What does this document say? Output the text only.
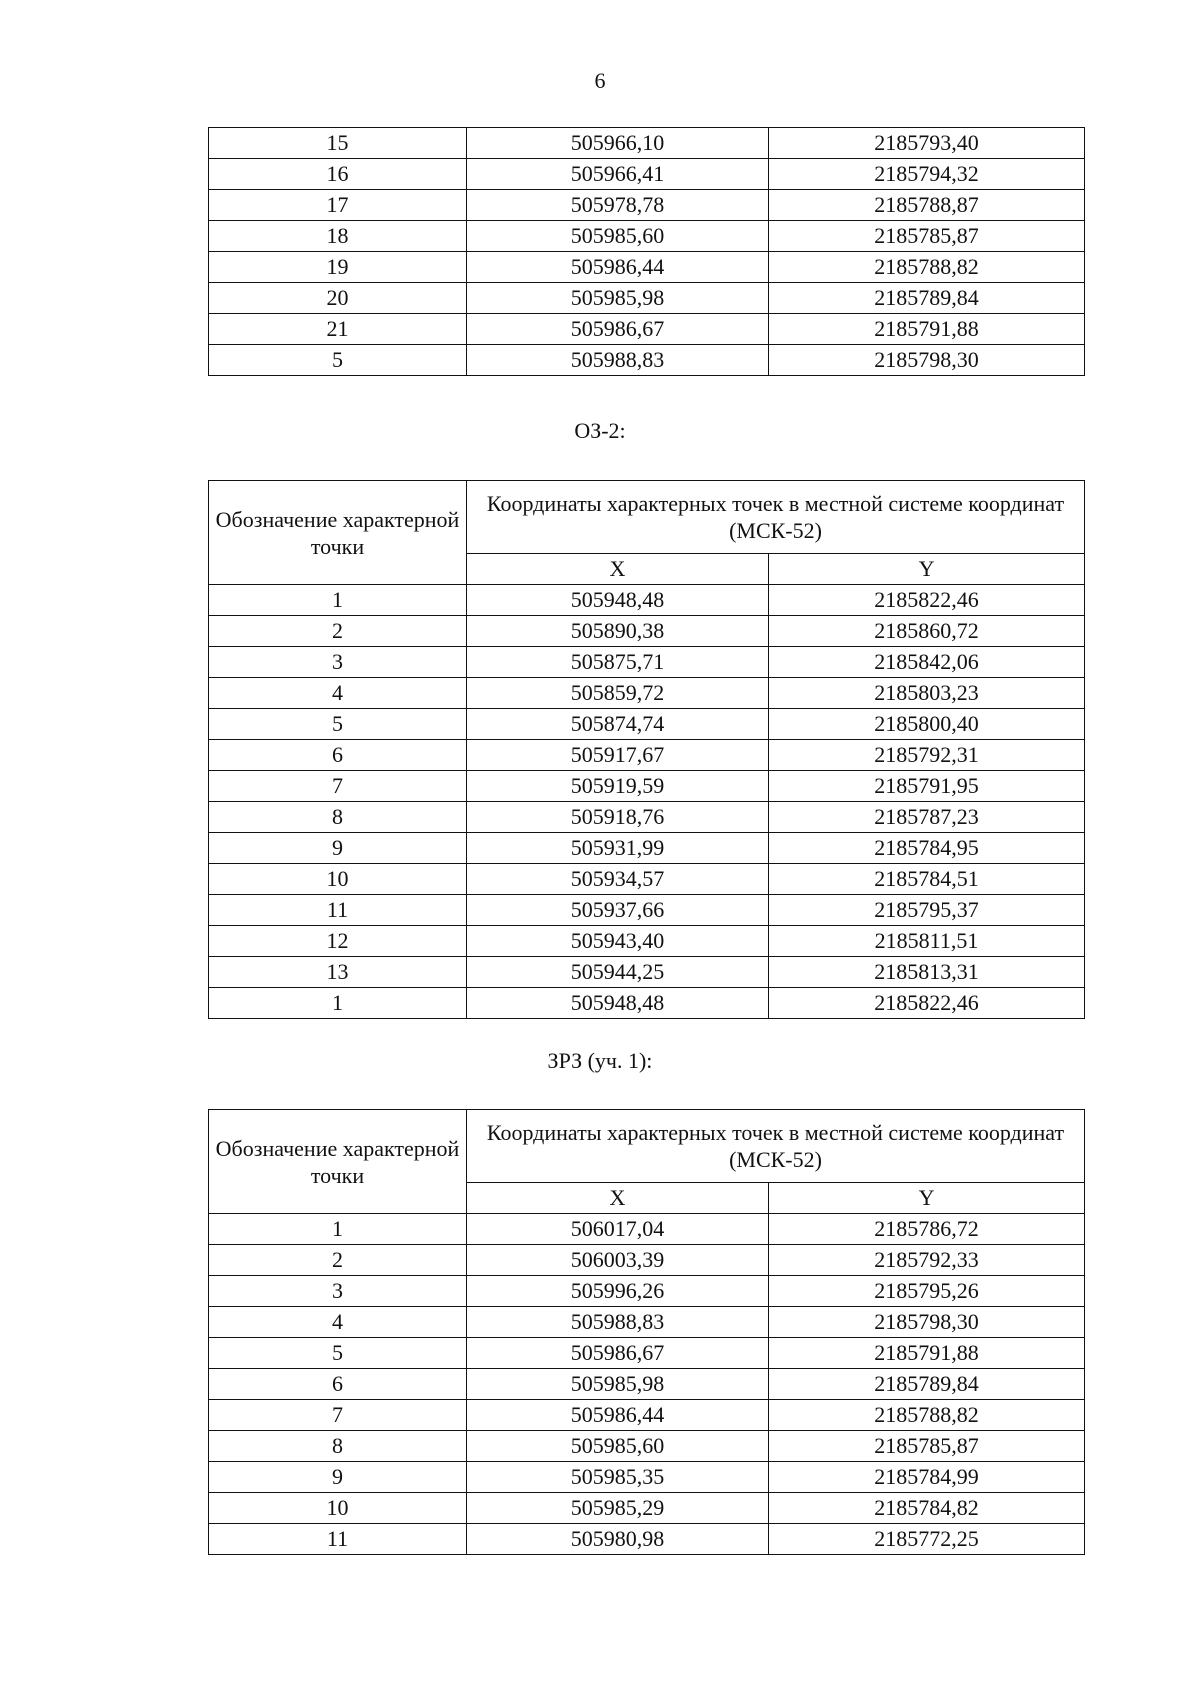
6
15	505966,10	2185793,40
16	505966,41	2185794,32
17	505978,78	2185788,87
18	505985,60	2185785,87
19	505986,44	2185788,82
20	505985,98	2185789,84
21	505986,67	2185791,88
5	505988,83	2185798,30
ОЗ-2:
Обозначение характерной точки	Координаты характерных точек в местной системе координат (МСК-52)	
	X	Y
1	505948,48	2185822,46
2	505890,38	2185860,72
3	505875,71	2185842,06
4	505859,72	2185803,23
5	505874,74	2185800,40
6	505917,67	2185792,31
7	505919,59	2185791,95
8	505918,76	2185787,23
9	505931,99	2185784,95
10	505934,57	2185784,51
11	505937,66	2185795,37
12	505943,40	2185811,51
13	505944,25	2185813,31
1	505948,48	2185822,46
ЗРЗ (уч. 1):
Обозначение характерной точки	Координаты характерных точек в местной системе координат (МСК-52)	
	X	Y
1	506017,04	2185786,72
2	506003,39	2185792,33
3	505996,26	2185795,26
4	505988,83	2185798,30
5	505986,67	2185791,88
6	505985,98	2185789,84
7	505986,44	2185788,82
8	505985,60	2185785,87
9	505985,35	2185784,99
10	505985,29	2185784,82
11	505980,98	2185772,25
